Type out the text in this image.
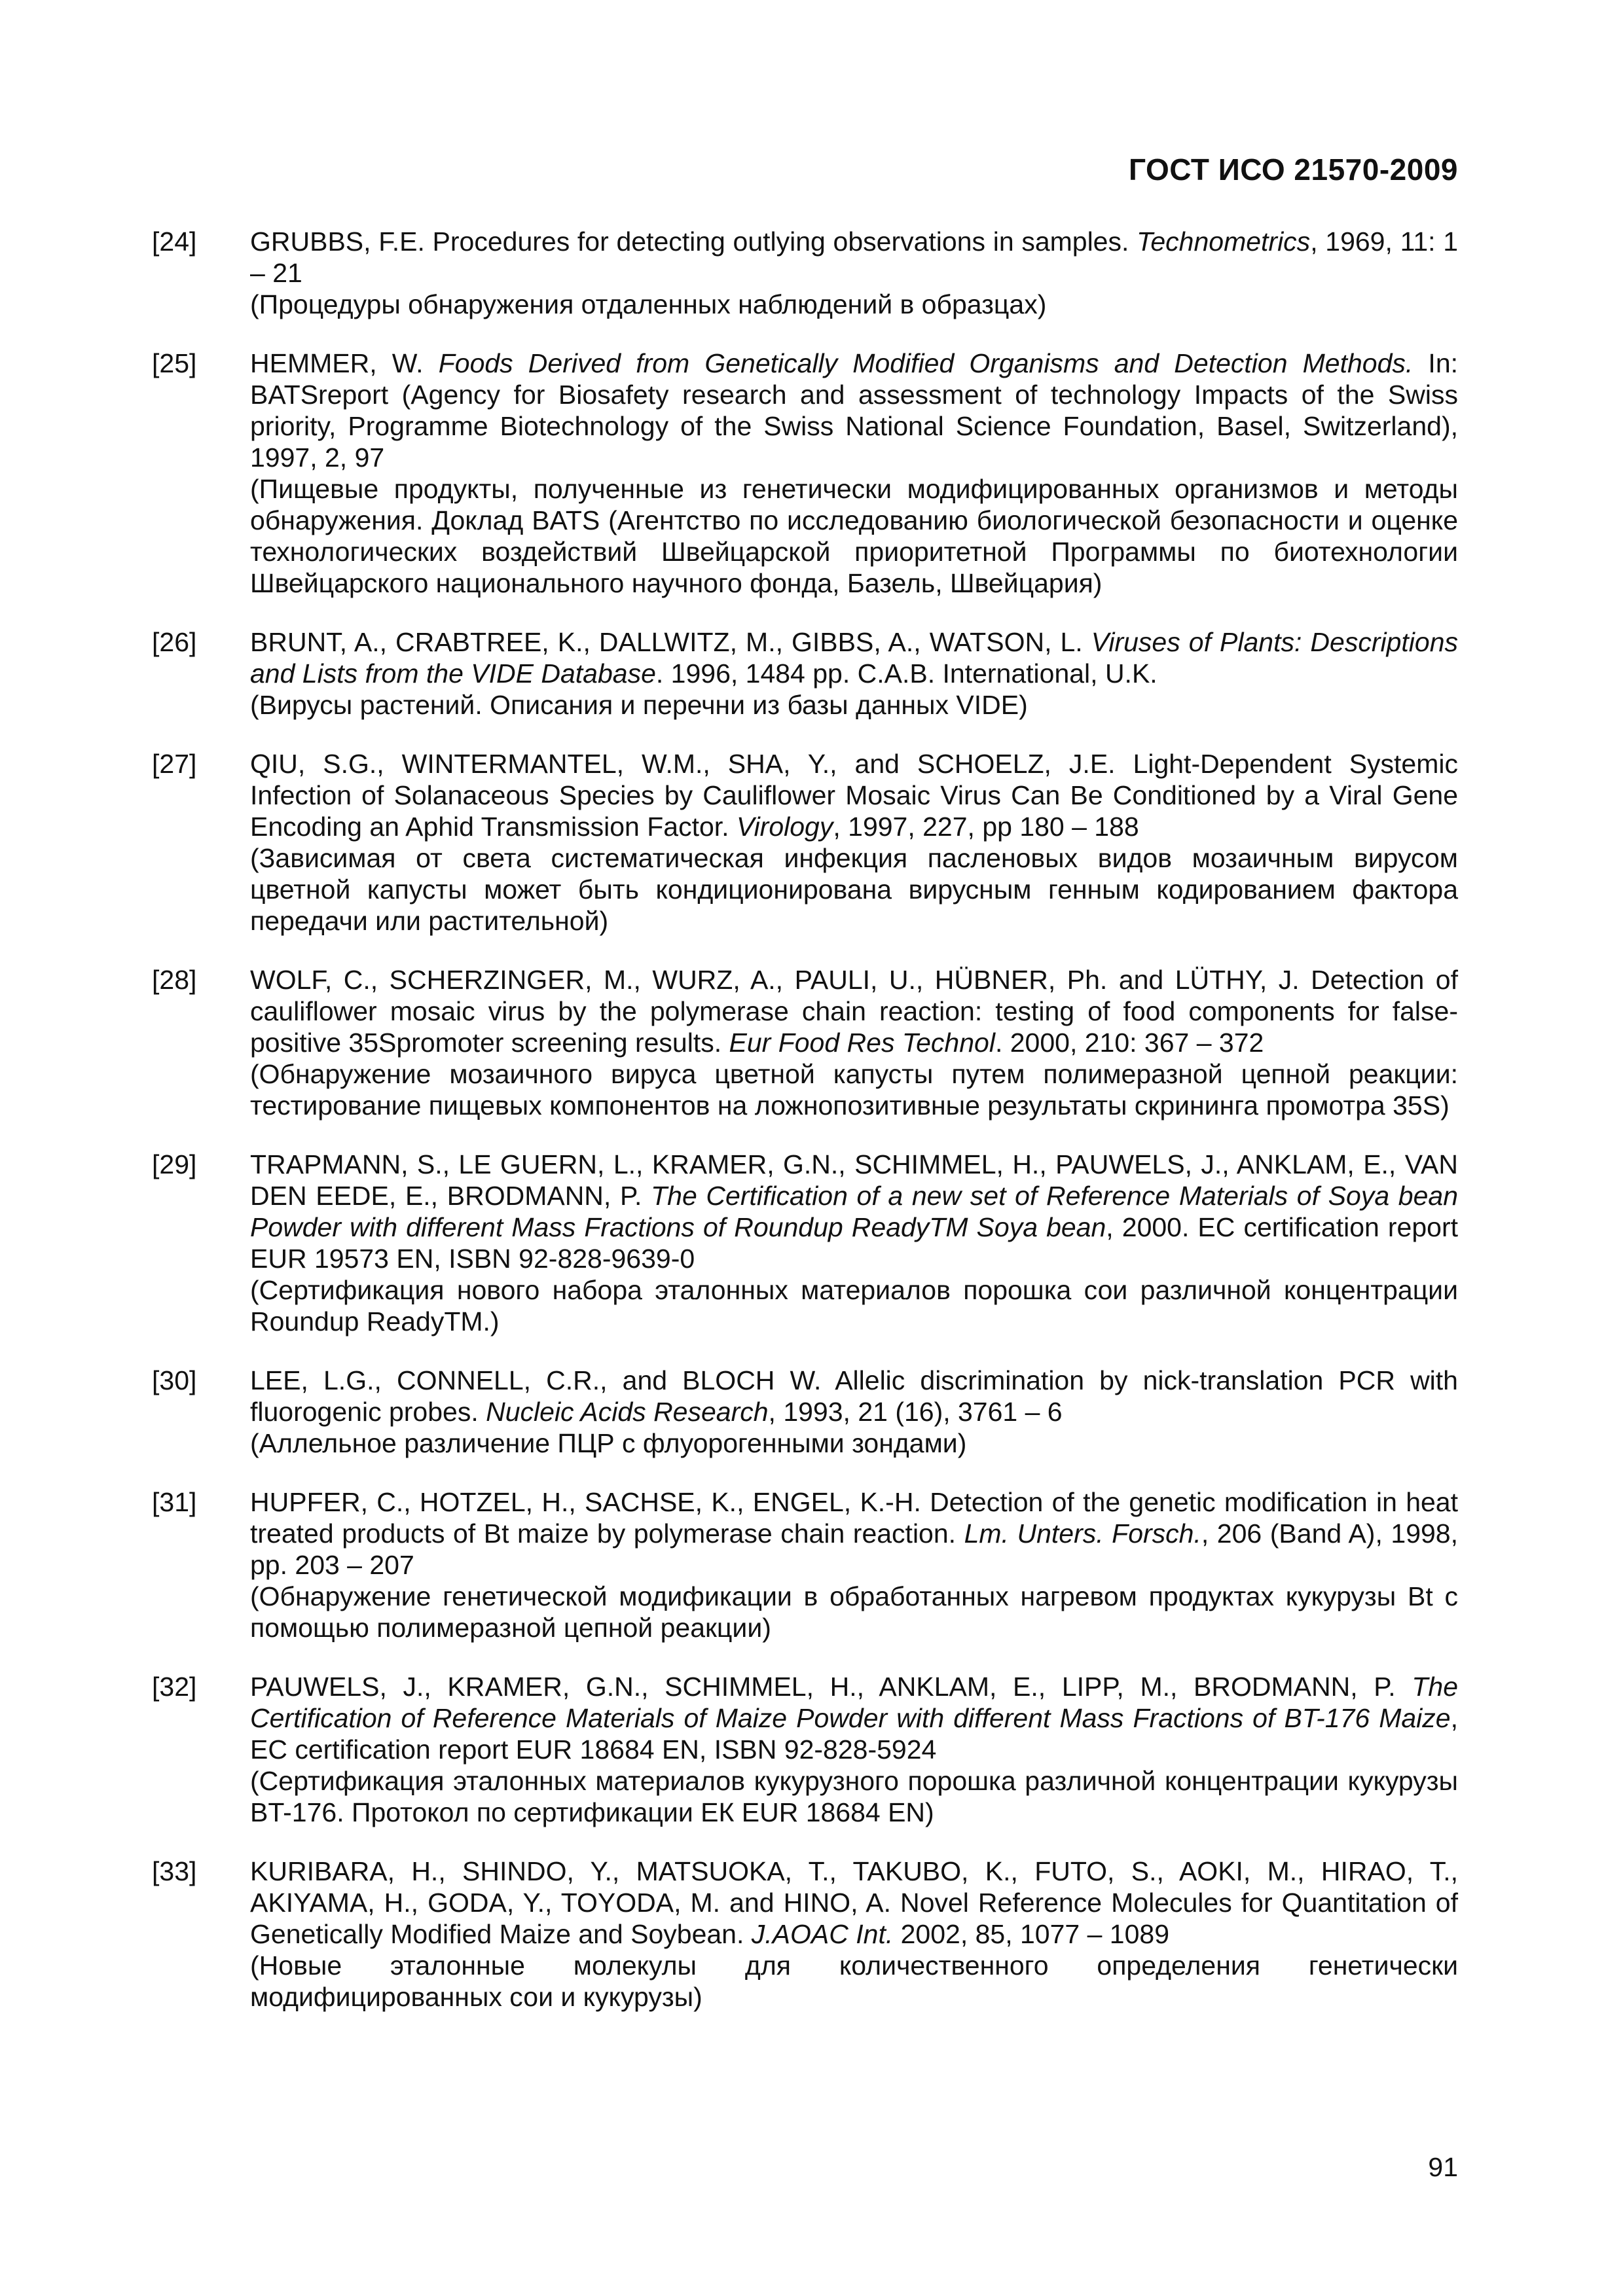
ГОСТ ИСО 21570-2009
[24]	GRUBBS, F.E. Procedures for detecting outlying observations in samples. Technometrics, 1969, 11: 1 – 21

(Процедуры обнаружения отдаленных наблюдений в образцах)

[25]	HEMMER, W. Foods Derived from Genetically Modified Organisms and Detection Methods. In: BATSreport (Agency for Biosafety research and assessment of technology Impacts of the Swiss priority, Programme Biotechnology of the Swiss National Science Foundation, Basel, Switzerland), 1997, 2, 97

(Пищевые продукты, полученные из генетически модифицированных организмов и методы обнаружения. Доклад BATS (Агентство по исследованию биологической безопасности и оценке технологических воздействий Швейцарской приоритетной Программы по биотехнологии Швейцарского национального научного фонда, Базель, Швейцария)

[26]	BRUNT, A., CRABTREE, K., DALLWITZ, M., GIBBS, A., WATSON, L. Viruses of Plants: Descriptions and Lists from the VIDE Database. 1996, 1484 pp. C.A.B. International, U.K.

(Вирусы растений. Описания и перечни из базы данных VIDE)

[27]	QIU, S.G., WINTERMANTEL, W.M., SHA, Y., and SCHOELZ, J.E. Light-Dependent Systemic Infection of Solanaceous Species by Cauliflower Mosaic Virus Can Be Conditioned by a Viral Gene Encoding an Aphid Transmission Factor. Virology, 1997, 227, pp 180 – 188

(Зависимая от света систематическая инфекция пасленовых видов мозаичным вирусом цветной капусты может быть кондиционирована вирусным генным кодированием фактора передачи или растительной)

[28]	WOLF, C., SCHERZINGER, M., WURZ, A., PAULI, U., HÜBNER, Ph. and LÜTHY, J. Detection of cauliflower mosaic virus by the polymerase chain reaction: testing of food components for false-positive 35Spromoter screening results. Eur Food Res Technol. 2000, 210: 367 – 372

(Обнаружение мозаичного вируса цветной капусты путем полимеразной цепной реакции: тестирование пищевых компонентов на ложнопозитивные результаты скрининга промотра 35S)

[29]	TRAPMANN, S., LE GUERN, L., KRAMER, G.N., SCHIMMEL, H., PAUWELS, J., ANKLAM, E., VAN DEN EEDE, E., BRODMANN, P. The Certification of a new set of Reference Materials of Soya bean Powder with different Mass Fractions of Roundup ReadyTM Soya bean, 2000. EC certification report EUR 19573 EN, ISBN 92-828-9639-0

(Сертификация нового набора эталонных материалов порошка сои различной концентрации Roundup ReadyTM.)

[30]	LEE, L.G., CONNELL, C.R., and BLOCH W. Allelic discrimination by nick-translation PCR with fluorogenic probes. Nucleic Acids Research, 1993, 21 (16), 3761 – 6

(Аллельное различение ПЦР с флуорогенными зондами)

[31]	HUPFER, C., HOTZEL, H., SACHSE, K., ENGEL, K.-H. Detection of the genetic modification in heat treated products of Bt maize by polymerase chain reaction. Lm. Unters. Forsch., 206 (Band A), 1998, pp. 203 – 207

(Обнаружение генетической модификации в обработанных нагревом продуктах кукурузы Bt с помощью полимеразной цепной реакции)

[32]	PAUWELS, J., KRAMER, G.N., SCHIMMEL, H., ANKLAM, E., LIPP, M., BRODMANN, P. The Certification of Reference Materials of Maize Powder with different Mass Fractions of BT-176 Maize, EC certification report EUR 18684 EN, ISBN 92-828-5924

(Сертификация эталонных материалов кукурузного порошка различной концентрации кукурузы BT-176. Протокол по сертификации ЕК EUR 18684 EN)

[33]	KURIBARA, H., SHINDO, Y., MATSUOKA, T., TAKUBO, K., FUTO, S., AOKI, M., HIRAO, T., AKIYAMA, H., GODA, Y., TOYODA, M. and HINO, A. Novel Reference Molecules for Quantitation of Genetically Modified Maize and Soybean. J.AOAC Int. 2002, 85, 1077 – 1089

(Новые эталонные молекулы для количественного определения генетически модифицированных сои и кукурузы)

91
